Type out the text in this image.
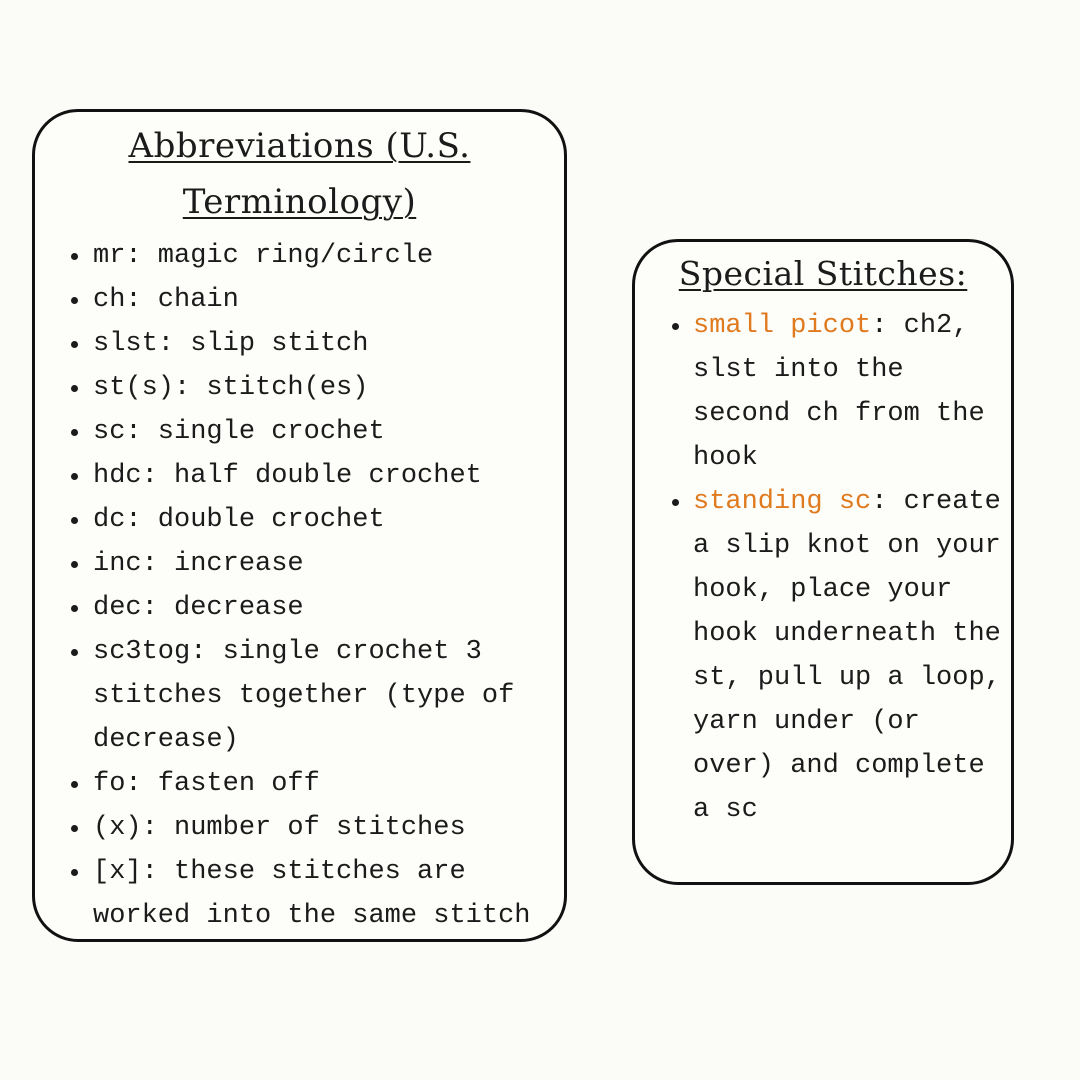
Abbreviations (U.S. Terminology)
mr: magic ring/circle
ch: chain
slst: slip stitch
st(s): stitch(es)
sc: single crochet
hdc: half double crochet
dc: double crochet
inc: increase
dec: decrease
sc3tog: single crochet 3 stitches together (type of decrease)
fo: fasten off
(x): number of stitches
[x]: these stitches are worked into the same stitch
Special Stitches:
small picot: ch2, slst into the second ch from the hook
standing sc: create a slip knot on your hook, place your hook underneath the st, pull up a loop, yarn under (or over) and complete a sc
